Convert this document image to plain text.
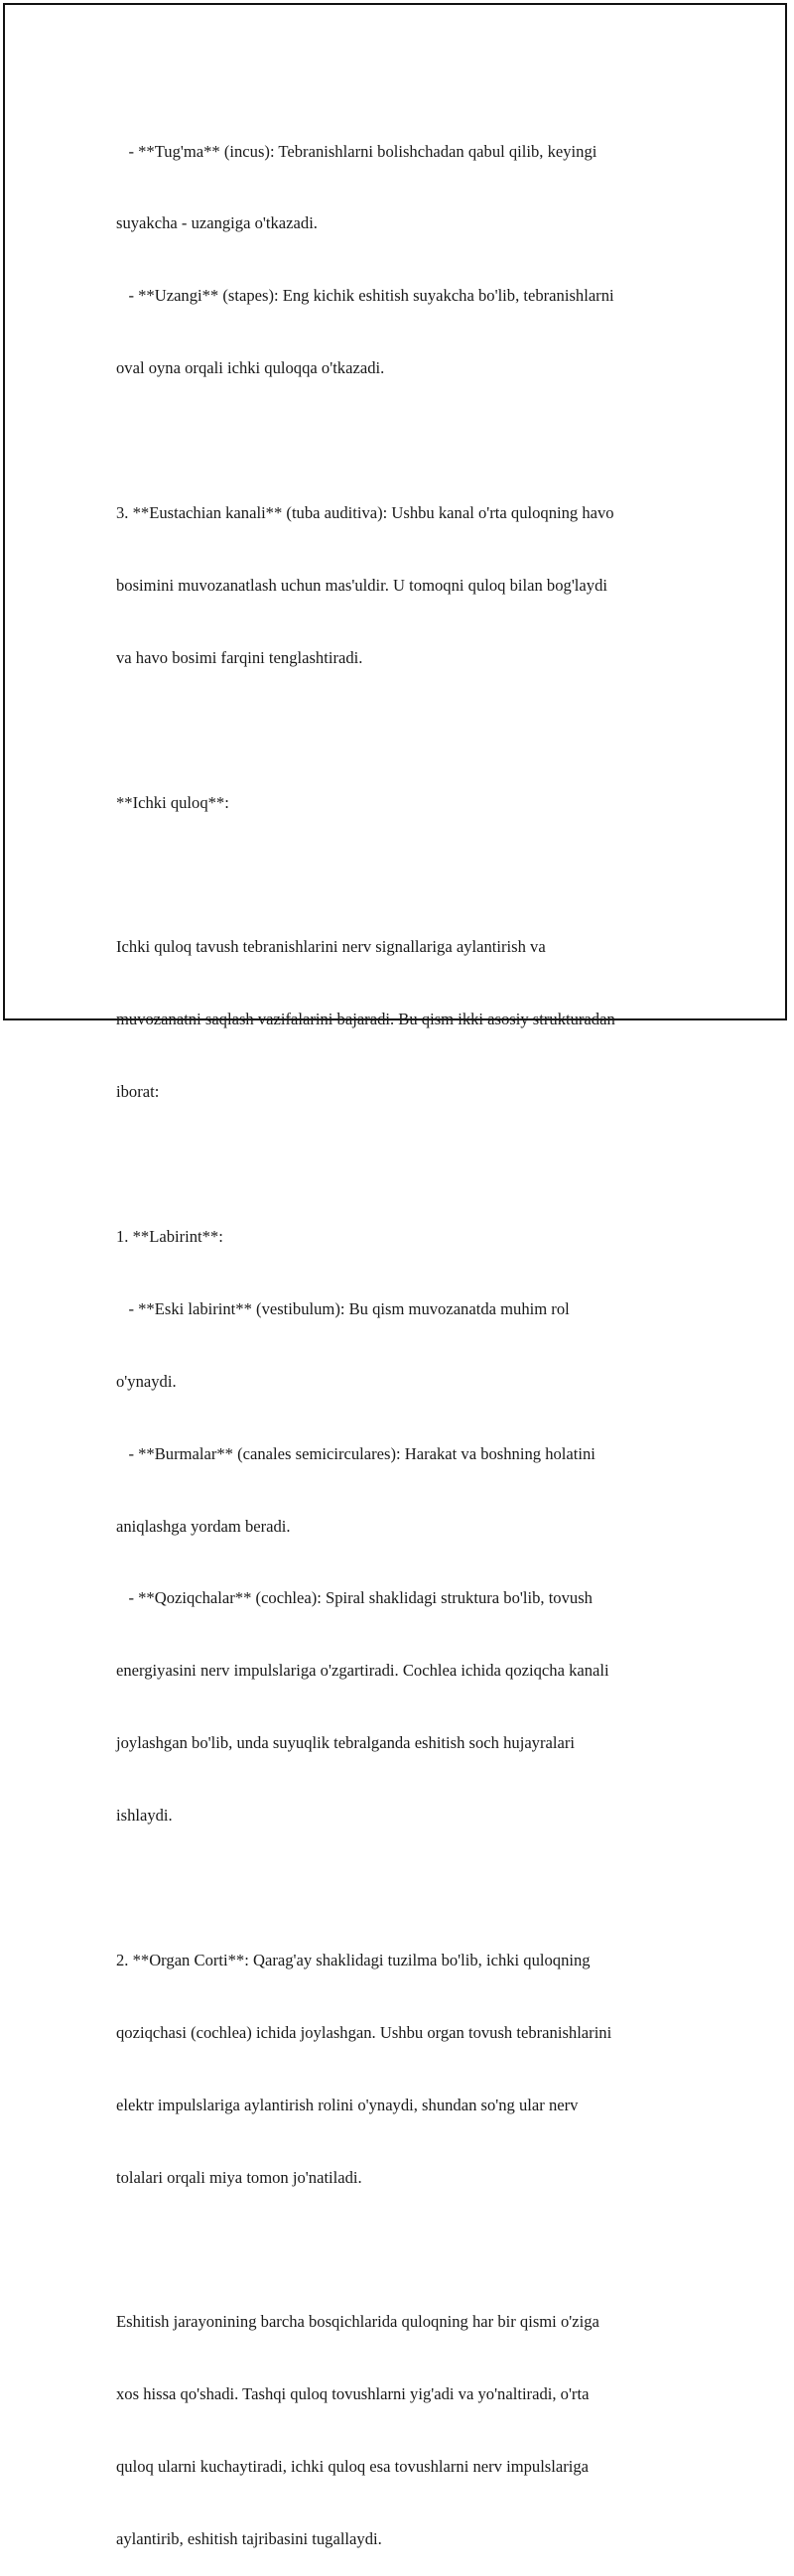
- **Tug'ma** (incus): Tebranishlarni bolishchadan qabul qilib, keyingi

suyakcha - uzangiga o'tkazadi.

- **Uzangi** (stapes): Eng kichik eshitish suyakcha bo'lib, tebranishlarni

oval oyna orqali ichki quloqqa o'tkazadi.

3. **Eustachian kanali** (tuba auditiva): Ushbu kanal o'rta quloqning havo

bosimini muvozanatlash uchun mas'uldir. U tomoqni quloq bilan bog'laydi

va havo bosimi farqini tenglashtiradi.

**Ichki quloq**:

Ichki quloq tavush tebranishlarini nerv signallariga aylantirish va

muvozanatni saqlash vazifalarini bajaradi. Bu qism ikki asosiy strukturadan

iborat:

1. **Labirint**:

- **Eski labirint** (vestibulum): Bu qism muvozanatda muhim rol

o'ynaydi.

- **Burmalar** (canales semicirculares): Harakat va boshning holatini

aniqlashga yordam beradi.

- **Qoziqchalar** (cochlea): Spiral shaklidagi struktura bo'lib, tovush

energiyasini nerv impulslariga o'zgartiradi. Cochlea ichida qoziqcha kanali

joylashgan bo'lib, unda suyuqlik tebralganda eshitish soch hujayralari

ishlaydi.

2. **Organ Corti**: Qarag'ay shaklidagi tuzilma bo'lib, ichki quloqning

qoziqchasi (cochlea) ichida joylashgan. Ushbu organ tovush tebranishlarini

elektr impulslariga aylantirish rolini o'ynaydi, shundan so'ng ular nerv

tolalari orqali miya tomon jo'natiladi.

Eshitish jarayonining barcha bosqichlarida quloqning har bir qismi o'ziga

xos hissa qo'shadi. Tashqi quloq tovushlarni yig'adi va yo'naltiradi, o'rta

quloq ularni kuchaytiradi, ichki quloq esa tovushlarni nerv impulslariga

aylantirib, eshitish tajribasini tugallaydi.
